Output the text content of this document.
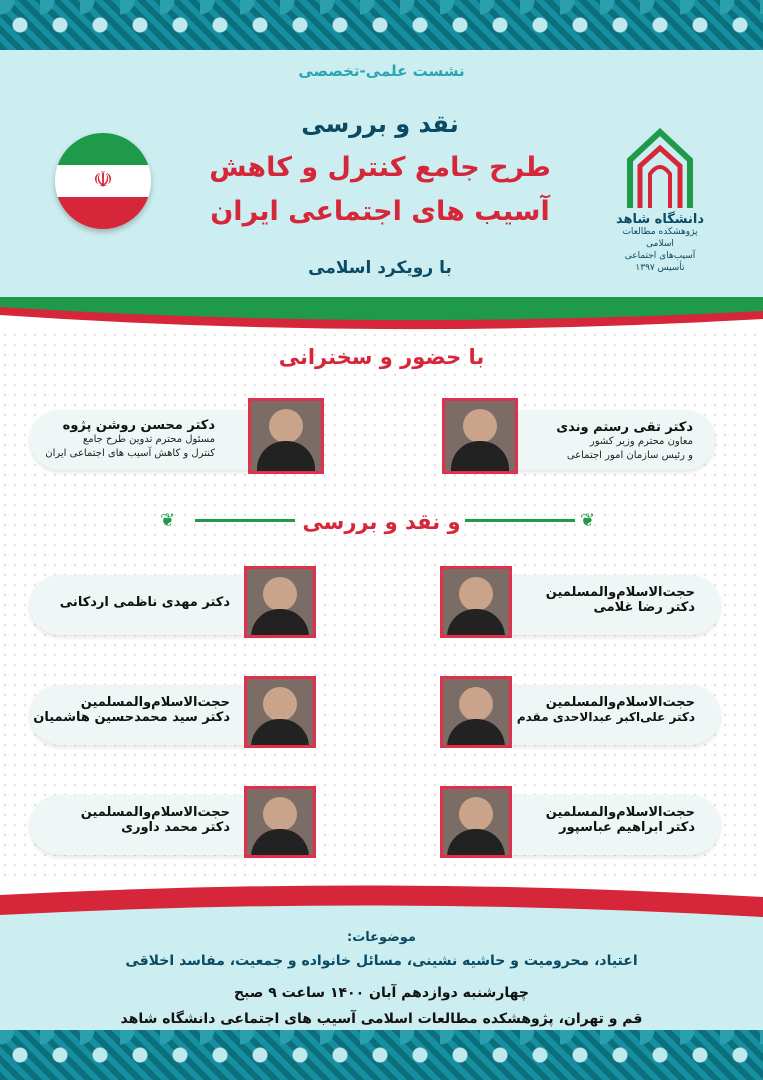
نشست علمی-تخصصی
نقد و بررسی
طرح جامع کنترل و کاهش
آسیب های اجتماعی ایران
با رویکرد اسلامی
☫
دانشگاه شاهد
پژوهشکده مطالعات اسلامی
آسیب‌های اجتماعی
تأسیس ۱۳۹۷
با حضور و سخنرانی
دکتر تقی رستم وندی
معاون محترم وزیر کشور
و رئیس سازمان امور اجتماعی
دکتر محسن روشن پژوه
مسئول محترم تدوین طرح جامع
کنترل و کاهش آسیب های اجتماعی ایران
❦	❦
و نقد و بررسی
حجت‌الاسلام‌والمسلمین
دکتر رضا غلامی
دکتر مهدی ناظمی اردکانی
حجت‌الاسلام‌والمسلمین
دکتر علی‌اکبر عبدالاحدی مقدم
حجت‌الاسلام‌والمسلمین
دکتر سید محمدحسین هاشمیان
حجت‌الاسلام‌والمسلمین
دکتر ابراهیم عباسپور
حجت‌الاسلام‌والمسلمین
دکتر محمد داوری
موضوعات:
اعتیاد، محرومیت و حاشیه نشینی، مسائل خانواده و جمعیت، مفاسد اخلاقی
چهارشنبه دوازدهم آبان ۱۴۰۰ ساعت ۹ صبح
قم و تهران، پژوهشکده مطالعات اسلامی آسیب های اجتماعی دانشگاه شاهد
